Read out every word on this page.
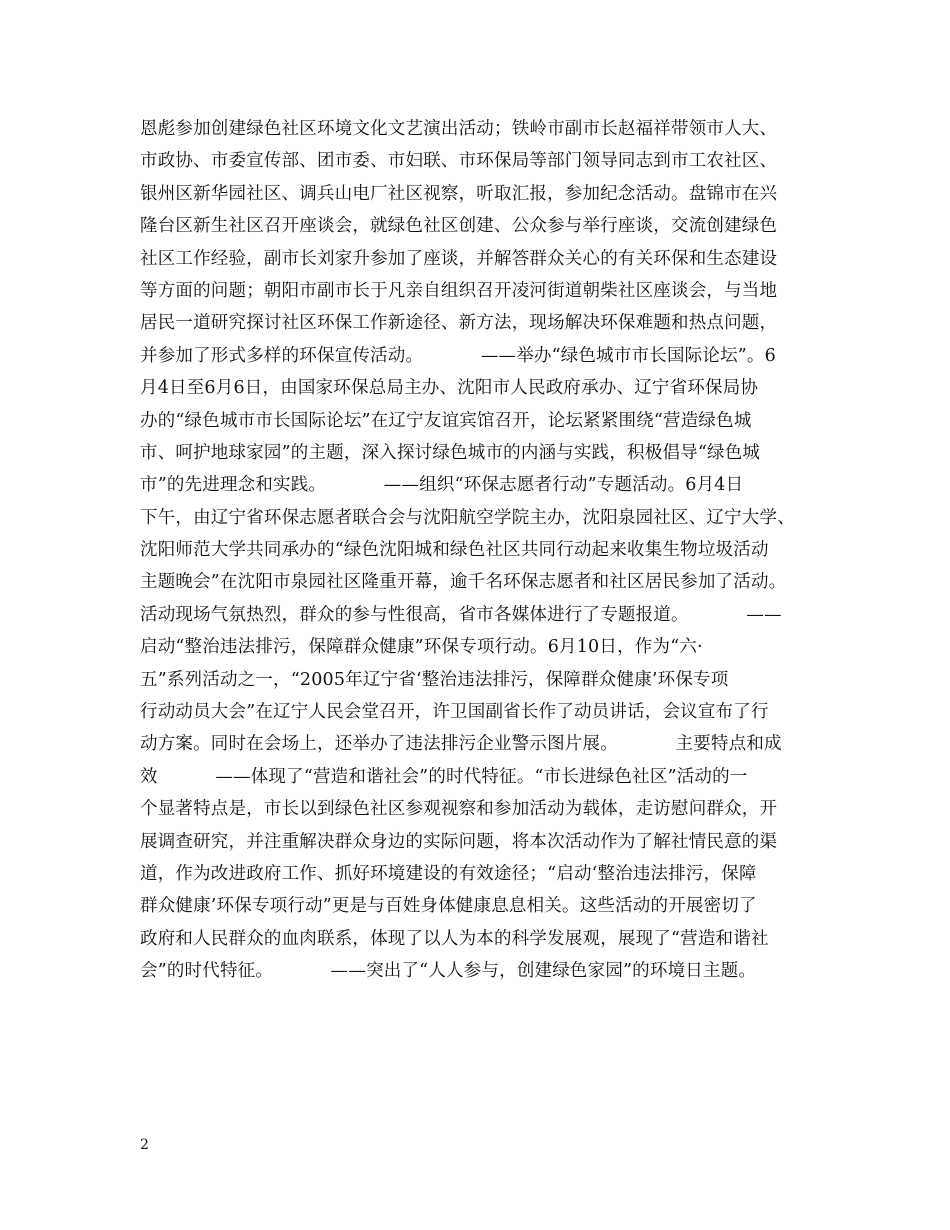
恩彪参加创建绿色社区环境文化文艺演出活动；铁岭市副市长赵福祥带领市人大、
市政协、市委宣传部、团市委、市妇联、市环保局等部门领导同志到市工农社区、
银州区新华园社区、调兵山电厂社区视察，听取汇报，参加纪念活动。盘锦市在兴
隆台区新生社区召开座谈会，就绿色社区创建、公众参与举行座谈，交流创建绿色
社区工作经验，副市长刘家升参加了座谈，并解答群众关心的有关环保和生态建设
等方面的问题；朝阳市副市长于凡亲自组织召开凌河街道朝柴社区座谈会，与当地
居民一道研究探讨社区环保工作新途径、新方法，现场解决环保难题和热点问题，
并参加了形式多样的环保宣传活动。          ——举办“绿色城市市长国际论坛”。6
月4日至6月6日，由国家环保总局主办、沈阳市人民政府承办、辽宁省环保局协
办的“绿色城市市长国际论坛”在辽宁友谊宾馆召开，论坛紧紧围绕“营造绿色城
市、呵护地球家园”的主题，深入探讨绿色城市的内涵与实践，积极倡导“绿色城
市”的先进理念和实践。          ——组织“环保志愿者行动”专题活动。6月4日
下午，由辽宁省环保志愿者联合会与沈阳航空学院主办，沈阳泉园社区、辽宁大学、
沈阳师范大学共同承办的“绿色沈阳城和绿色社区共同行动起来收集生物垃圾活动
主题晚会”在沈阳市泉园社区隆重开幕，逾千名环保志愿者和社区居民参加了活动。
活动现场气氛热烈，群众的参与性很高，省市各媒体进行了专题报道。          ——
启动“整治违法排污，保障群众健康”环保专项行动。6月10日，作为“六·
五”系列活动之一，“2005年辽宁省‘整治违法排污，保障群众健康’环保专项
行动动员大会”在辽宁人民会堂召开，许卫国副省长作了动员讲话，会议宣布了行
动方案。同时在会场上，还举办了违法排污企业警示图片展。          主要特点和成
效          ——体现了“营造和谐社会”的时代特征。“市长进绿色社区”活动的一
个显著特点是，市长以到绿色社区参观视察和参加活动为载体，走访慰问群众，开
展调查研究，并注重解决群众身边的实际问题，将本次活动作为了解社情民意的渠
道，作为改进政府工作、抓好环境建设的有效途径；“启动‘整治违法排污，保障
群众健康’环保专项行动”更是与百姓身体健康息息相关。这些活动的开展密切了
政府和人民群众的血肉联系，体现了以人为本的科学发展观，展现了“营造和谐社
会”的时代特征。          ——突出了“人人参与，创建绿色家园”的环境日主题。
2
